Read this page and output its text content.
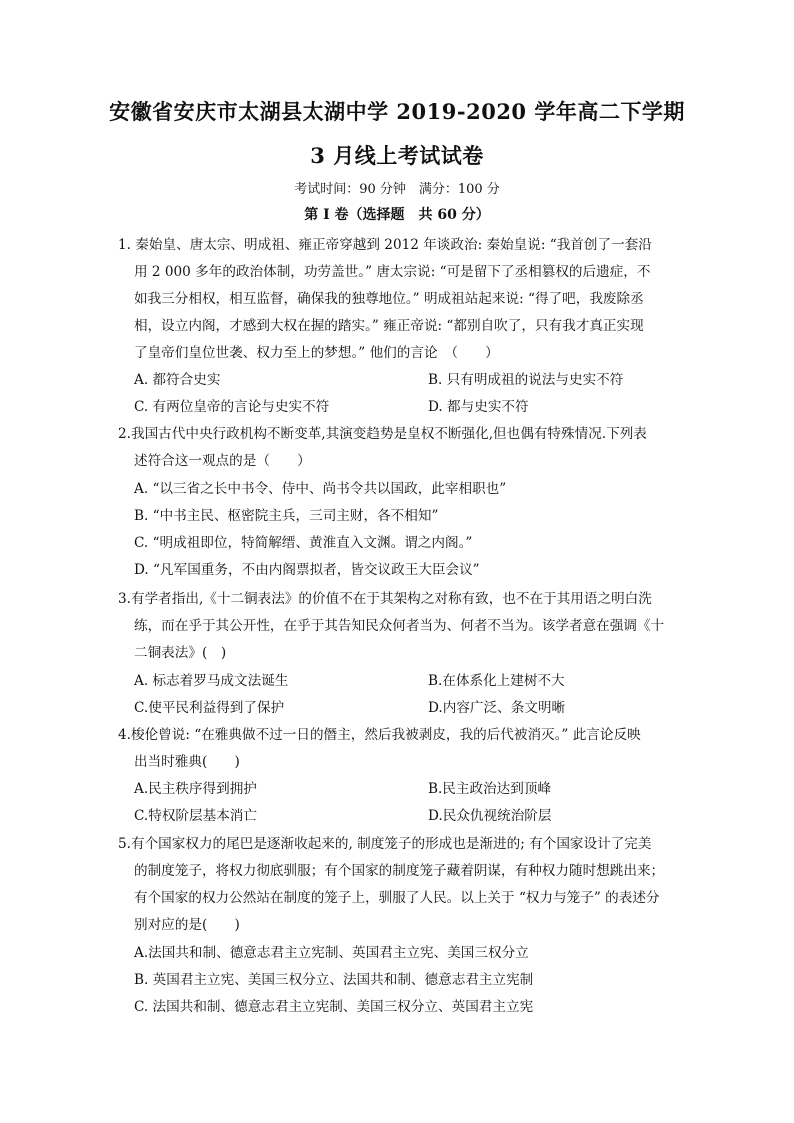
安徽省安庆市太湖县太湖中学 2019-2020 学年高二下学期
3 月线上考试试卷
考试时间：90 分钟　满分：100 分
第 I 卷（选择题　共 60 分）
1. 秦始皇、唐太宗、明成祖、雍正帝穿越到 2012 年谈政治: 秦始皇说: “我首创了一套沿
用 2 000 多年的政治体制，功劳盖世。” 唐太宗说: “可是留下了丞相篡权的后遗症，不
如我三分相权，相互监督，确保我的独尊地位。” 明成祖站起来说: “得了吧，我废除丞
相，设立内阁，才感到大权在握的踏实。” 雍正帝说: “都别自吹了，只有我才真正实现
了皇帝们皇位世袭、权力至上的梦想。” 他们的言论　（　　）
A. 都符合史实	B. 只有明成祖的说法与史实不符
C. 有两位皇帝的言论与史实不符	D. 都与史实不符
2.我国古代中央行政机构不断变革,其演变趋势是皇权不断强化,但也偶有特殊情况.下列表
述符合这一观点的是（　　）
A. “以三省之长中书令、侍中、尚书令共以国政，此宰相职也”
B. “中书主民、枢密院主兵，三司主财，各不相知”
C. “明成祖即位，特简解缙、黄淮直入文渊。谓之内阁。”
D. “凡军国重务，不由内阁票拟者，皆交议政王大臣会议”
3.有学者指出,《十二铜表法》的价值不在于其架构之对称有致，也不在于其用语之明白洗
练，而在乎于其公开性，在乎于其告知民众何者当为、何者不当为。该学者意在强调《十
二铜表法》(　)
A. 标志着罗马成文法诞生	B.在体系化上建树不大
C.使平民利益得到了保护	D.内容广泛、条文明晰
4.梭伦曾说: “在雅典做不过一日的僭主，然后我被剥皮，我的后代被消灭。” 此言论反映
出当时雅典(　　)
A.民主秩序得到拥护	B.民主政治达到顶峰
C.特权阶层基本消亡	D.民众仇视统治阶层
5.有个国家权力的尾巴是逐渐收起来的, 制度笼子的形成也是渐进的; 有个国家设计了完美
的制度笼子，将权力彻底驯服；有个国家的制度笼子藏着阴谋，有种权力随时想跳出来；
有个国家的权力公然站在制度的笼子上，驯服了人民。以上关于 “权力与笼子” 的表述分
别对应的是(　　)
A.法国共和制、德意志君主立宪制、英国君主立宪、美国三权分立
B. 英国君主立宪、美国三权分立、法国共和制、德意志君主立宪制
C. 法国共和制、德意志君主立宪制、美国三权分立、英国君主立宪
